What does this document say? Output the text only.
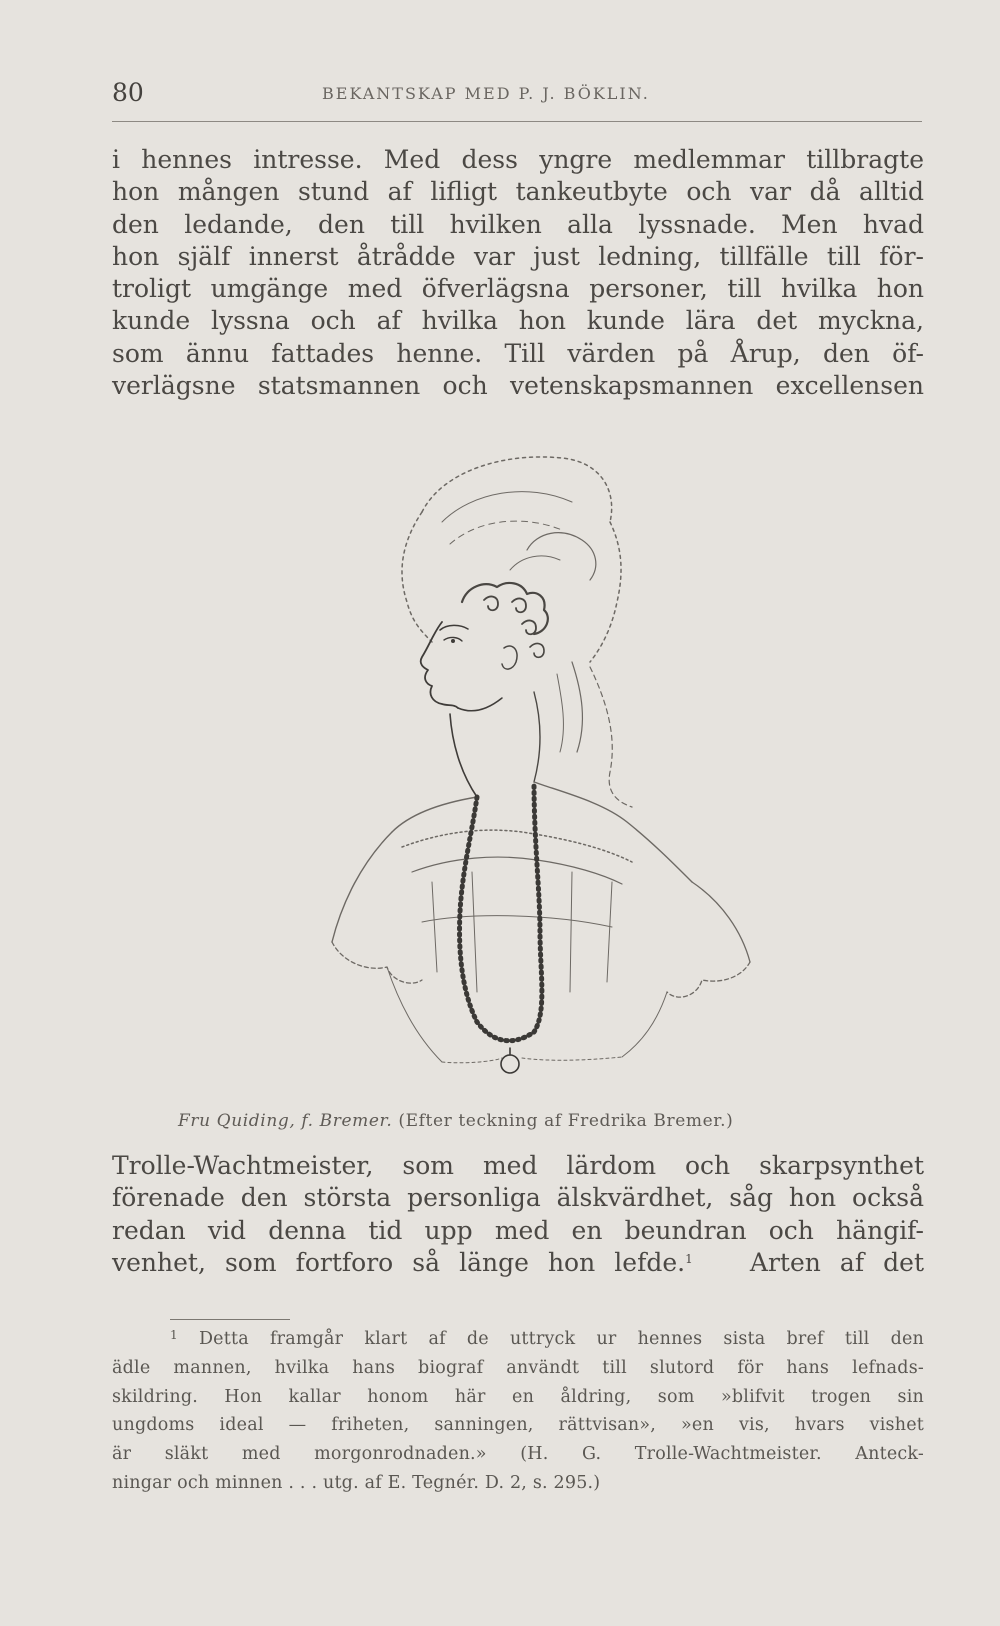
80	BEKANTSKAP MED P. J. BÖKLIN.
i hennes intresse. Med dess yngre medlemmar tillbragte
hon mången stund af lifligt tankeutbyte och var då alltid
den ledande, den till hvilken alla lyssnade. Men hvad
hon själf innerst åtrådde var just ledning, tillfälle till för-
troligt umgänge med öfverlägsna personer, till hvilka hon
kunde lyssna och af hvilka hon kunde lära det myckna,
som ännu fattades henne. Till värden på Årup, den öf-
verlägsne statsmannen och vetenskapsmannen excellensen
Fru Quiding, f. Bremer. (Efter teckning af Fredrika Bremer.)
Trolle-Wachtmeister, som med lärdom och skarpsynthet
förenade den största personliga älskvärdhet, såg hon också
redan vid denna tid upp med en beundran och hängif-
venhet, som fortforo så länge hon lefde.$^1$ Arten af det
$^1$ Detta framgår klart af de uttryck ur hennes sista bref till den
ädle mannen, hvilka hans biograf användt till slutord för hans lefnads-
skildring. Hon kallar honom här en åldring, som »blifvit trogen sin
ungdoms ideal — friheten, sanningen, rättvisan», »en vis, hvars vishet
är släkt med morgonrodnaden.» (H. G. Trolle-Wachtmeister. Anteck-
ningar och minnen . . . utg. af E. Tegnér. D. 2, s. 295.)
